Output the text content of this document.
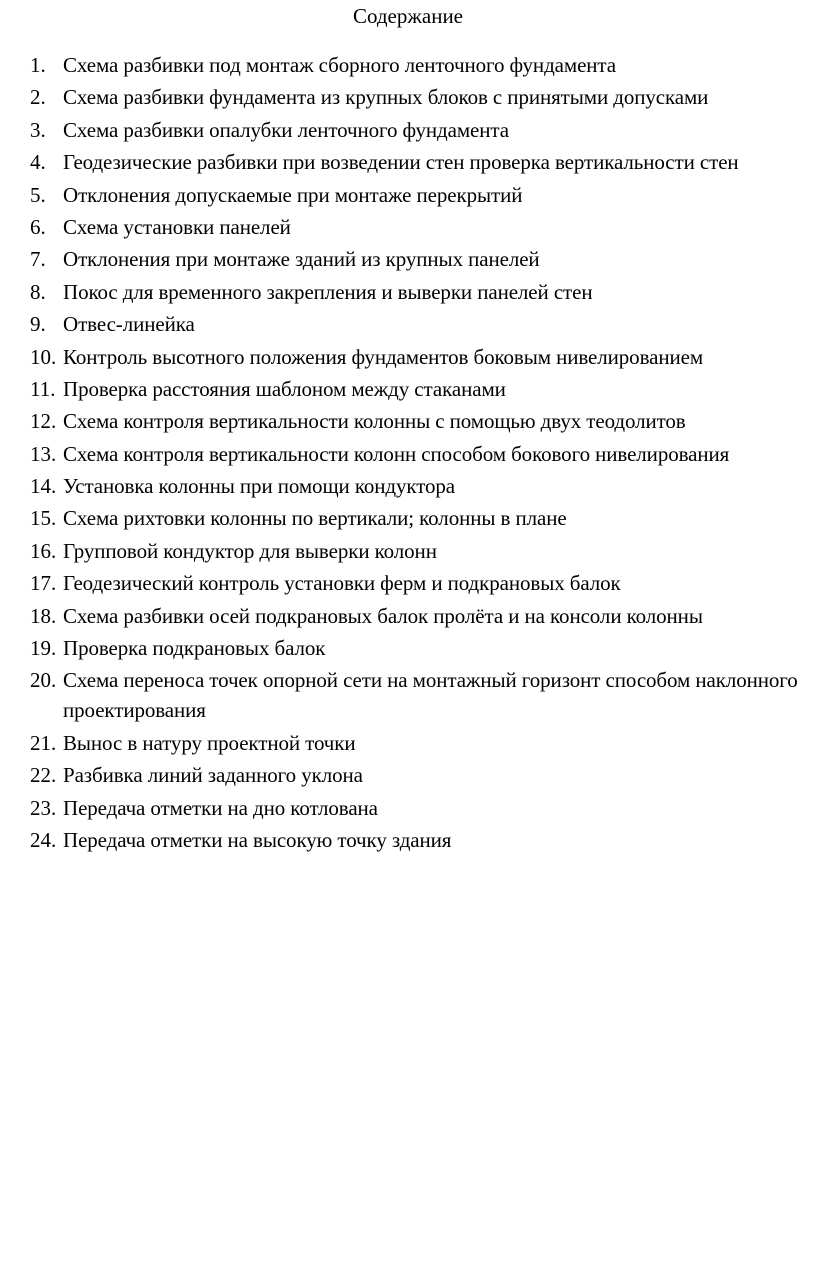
Содержание
1. Схема разбивки под монтаж сборного ленточного фундамента
2. Схема разбивки фундамента из крупных блоков с принятыми допусками
3. Схема разбивки опалубки ленточного фундамента
4. Геодезические разбивки при возведении стен проверка вертикальности стен
5. Отклонения допускаемые при монтаже перекрытий
6. Схема установки панелей
7. Отклонения при монтаже зданий из крупных панелей
8. Покос для временного закрепления и выверки панелей стен
9. Отвес-линейка
10. Контроль высотного положения фундаментов боковым нивелированием
11. Проверка расстояния шаблоном между стаканами
12. Схема контроля вертикальности колонны с помощью двух теодолитов
13. Схема контроля вертикальности колонн способом бокового нивелирования
14. Установка колонны при помощи кондуктора
15. Схема рихтовки колонны по вертикали; колонны в плане
16. Групповой кондуктор для выверки колонн
17. Геодезический контроль установки ферм и подкрановых балок
18. Схема разбивки осей подкрановых балок пролёта и на консоли колонны
19. Проверка подкрановых балок
20. Схема переноса точек опорной сети на монтажный горизонт способом наклонного проектирования
21. Вынос в натуру проектной точки
22. Разбивка линий заданного уклона
23. Передача отметки на дно котлована
24. Передача отметки на высокую точку здания
